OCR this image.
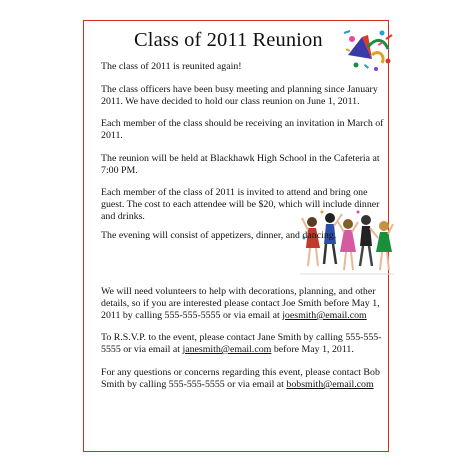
Class of 2011 Reunion
The class of 2011 is reunited again!
The class officers have been busy meeting and planning since January
2011. We have decided to hold our class reunion on June 1, 2011.
Each member of the class should be receiving an invitation in March of
2011.
The reunion will be held at Blackhawk High School in the Cafeteria at
7:00 PM.
Each member of the class of 2011 is invited to attend and bring one
guest. The cost to each attendee will be $20, which will include dinner
and drinks.
The evening will consist of appetizers, dinner, and dancing.
We will need volunteers to help with decorations, planning, and other
details, so if you are interested please contact Joe Smith before May 1,
2011 by calling 555-555-5555 or via email at joesmith@email.com
To R.S.V.P. to the event, please contact Jane Smith by calling 555-555-
5555 or via email at janesmith@email.com before May 1, 2011.
For any questions or concerns regarding this event, please contact Bob
Smith by calling 555-555-5555 or via email at bobsmith@email.com
